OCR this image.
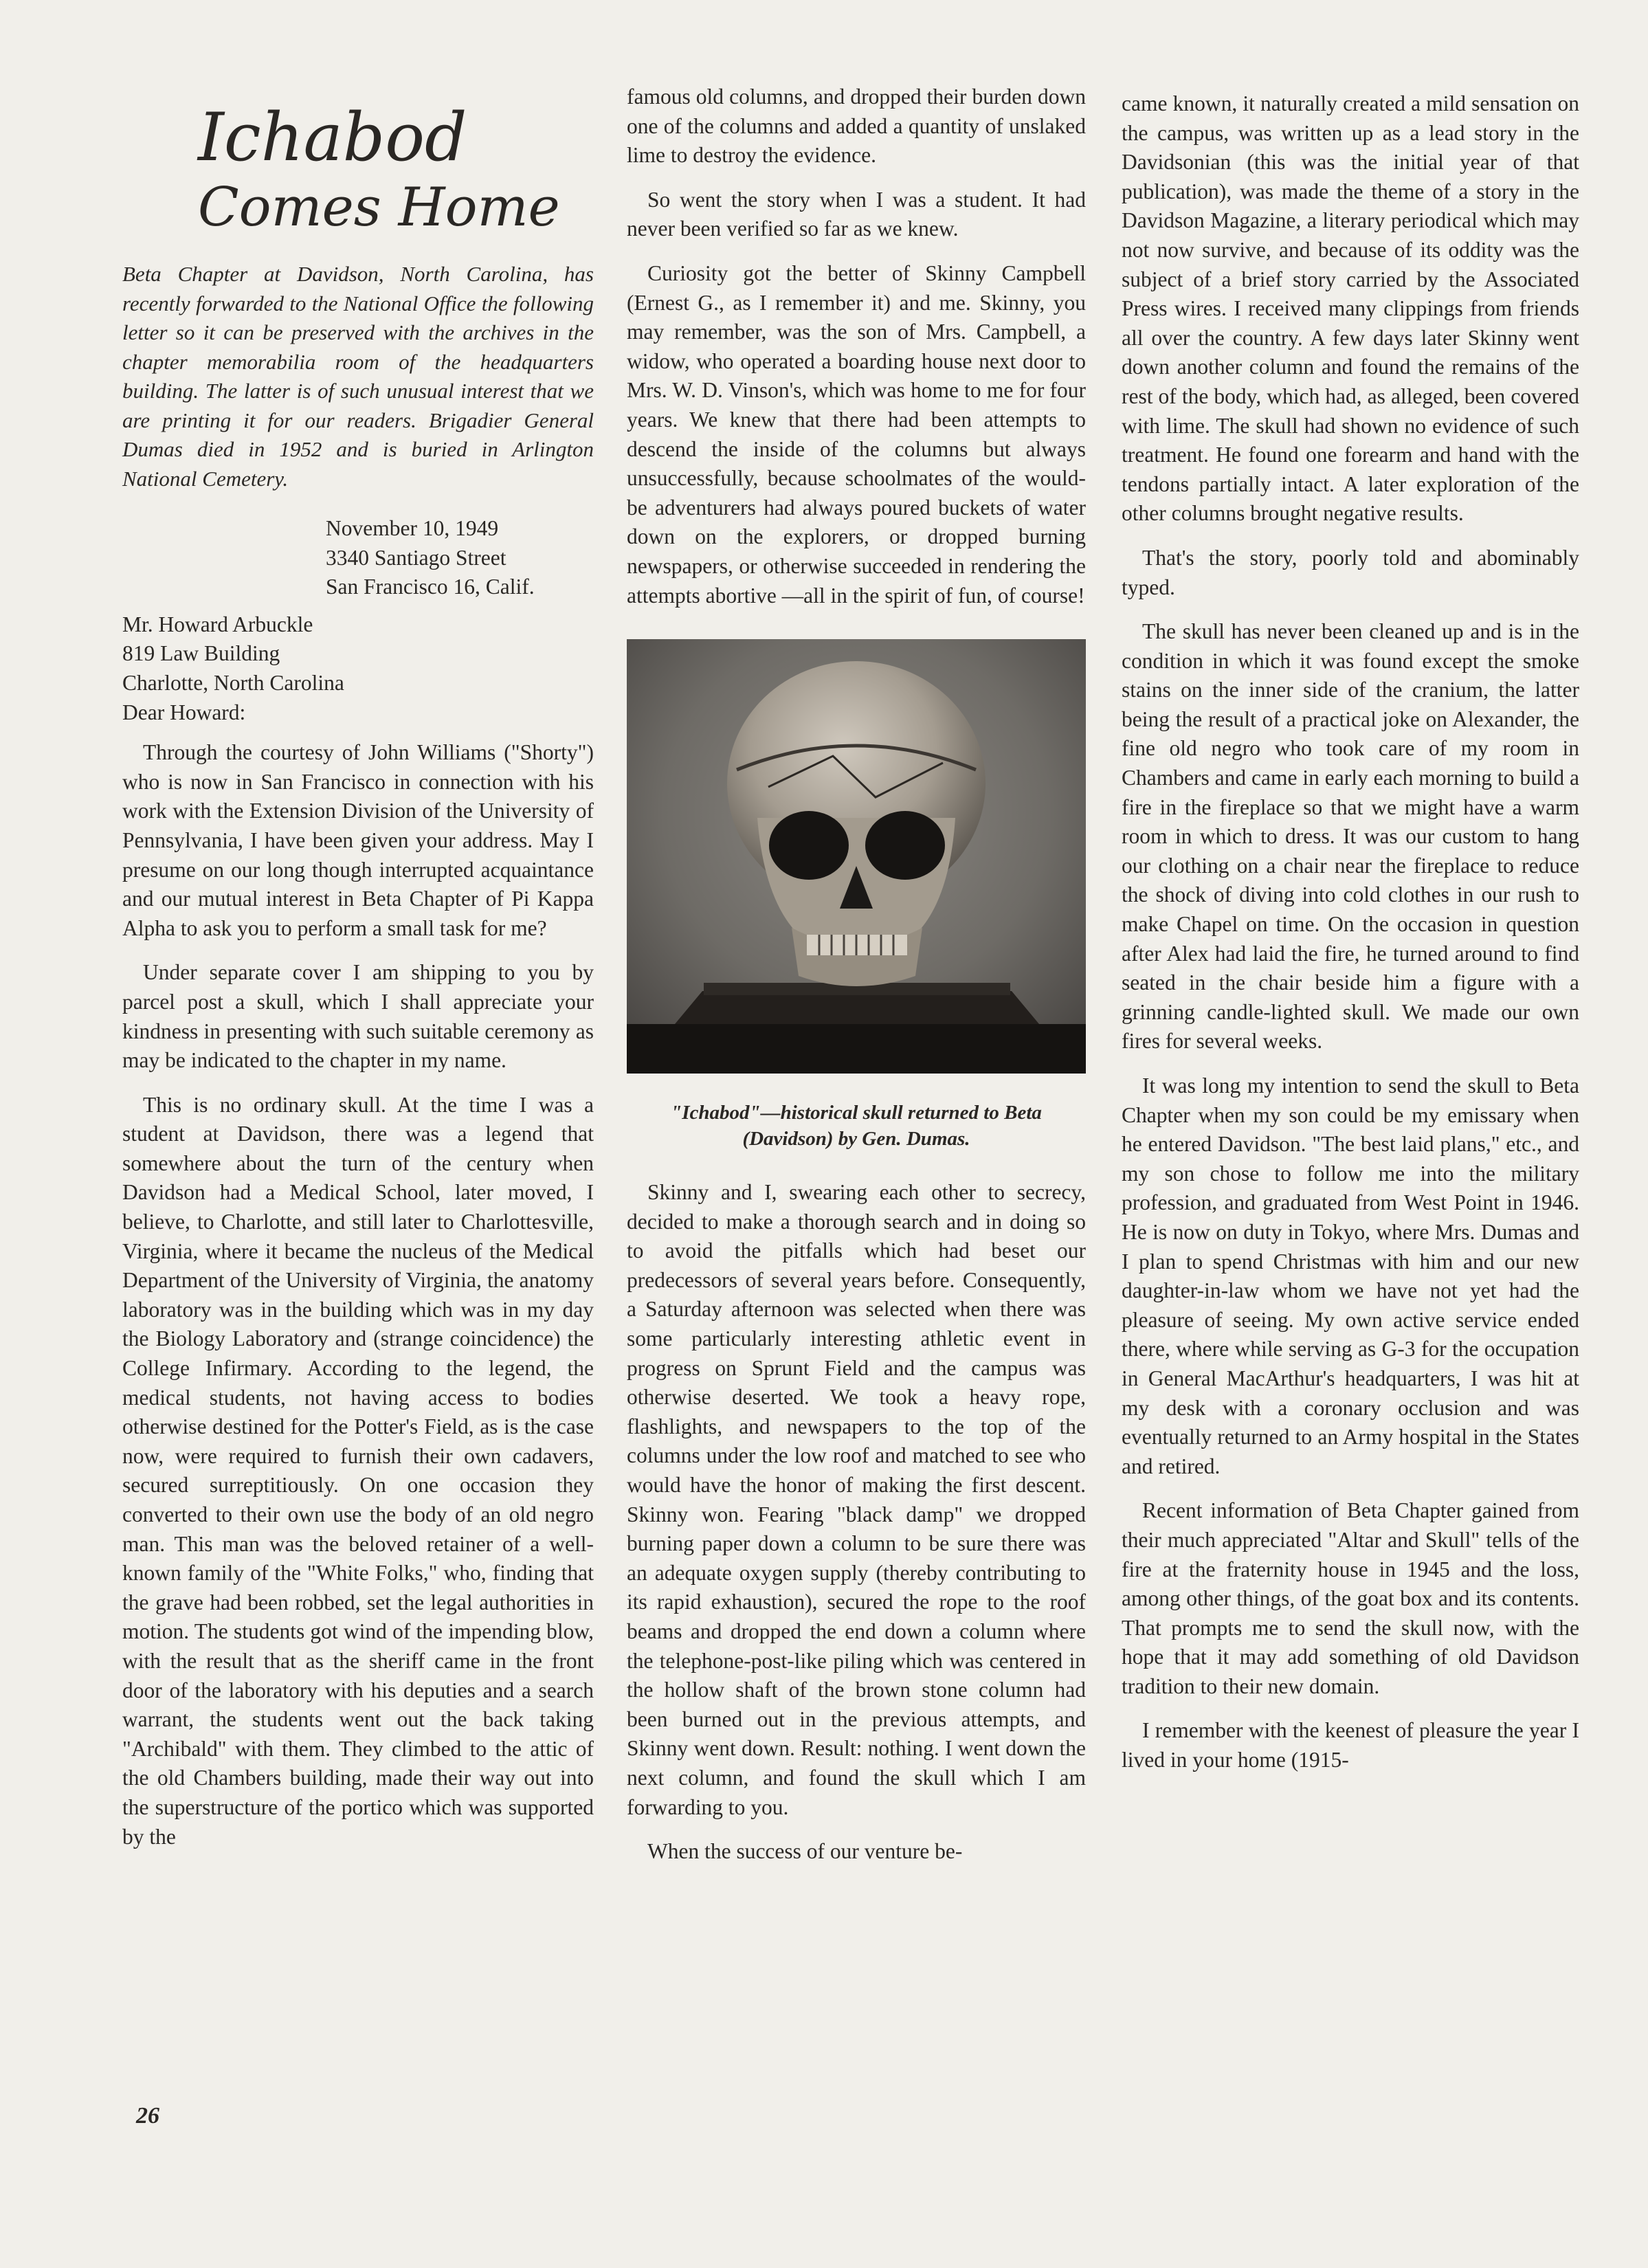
Ichabod
Comes Home
Beta Chapter at Davidson, North Carolina, has recently forwarded to the National Office the following letter so it can be preserved with the archives in the chapter memorabilia room of the headquarters building. The latter is of such unusual interest that we are printing it for our readers. Brigadier General Dumas died in 1952 and is buried in Arlington National Cemetery.
November 10, 1949
3340 Santiago Street
San Francisco 16, Calif.
Mr. Howard Arbuckle
819 Law Building
Charlotte, North Carolina
Dear Howard:

Through the courtesy of John Williams ("Shorty") who is now in San Francisco in connection with his work with the Extension Division of the University of Pennsylvania, I have been given your address. May I presume on our long though interrupted acquaintance and our mutual interest in Beta Chapter of Pi Kappa Alpha to ask you to perform a small task for me?

Under separate cover I am shipping to you by parcel post a skull, which I shall appreciate your kindness in presenting with such suitable ceremony as may be indicated to the chapter in my name.

This is no ordinary skull. At the time I was a student at Davidson, there was a legend that somewhere about the turn of the century when Davidson had a Medical School, later moved, I believe, to Charlotte, and still later to Charlottesville, Virginia, where it became the nucleus of the Medical Department of the University of Virginia, the anatomy laboratory was in the building which was in my day the Biology Laboratory and (strange coincidence) the College Infirmary. According to the legend, the medical students, not having access to bodies otherwise destined for the Potter's Field, as is the case now, were required to furnish their own cadavers, secured surreptitiously. On one occasion they converted to their own use the body of an old negro man. This man was the beloved retainer of a well-known family of the "White Folks," who, finding that the grave had been robbed, set the legal authorities in motion. The students got wind of the impending blow, with the result that as the sheriff came in the front door of the laboratory with his deputies and a search warrant, the students went out the back taking "Archibald" with them. They climbed to the attic of the old Chambers building, made their way out into the superstructure of the portico which was supported by the

famous old columns, and dropped their burden down one of the columns and added a quantity of unslaked lime to destroy the evidence.

So went the story when I was a student. It had never been verified so far as we knew.

Curiosity got the better of Skinny Campbell (Ernest G., as I remember it) and me. Skinny, you may remember, was the son of Mrs. Campbell, a widow, who operated a boarding house next door to Mrs. W. D. Vinson's, which was home to me for four years. We knew that there had been attempts to descend the inside of the columns but always unsuccessfully, because schoolmates of the would-be adventurers had always poured buckets of water down on the explorers, or dropped burning newspapers, or otherwise succeeded in rendering the attempts abortive —all in the spirit of fun, of course!

"Ichabod"—historical skull returned to Beta (Davidson) by Gen. Dumas.

Skinny and I, swearing each other to secrecy, decided to make a thorough search and in doing so to avoid the pitfalls which had beset our predecessors of several years before. Consequently, a Saturday afternoon was selected when there was some particularly interesting athletic event in progress on Sprunt Field and the campus was otherwise deserted. We took a heavy rope, flashlights, and newspapers to the top of the columns under the low roof and matched to see who would have the honor of making the first descent. Skinny won. Fearing "black damp" we dropped burning paper down a column to be sure there was an adequate oxygen supply (thereby contributing to its rapid exhaustion), secured the rope to the roof beams and dropped the end down a column where the telephone-post-like piling which was centered in the hollow shaft of the brown stone column had been burned out in the previous attempts, and Skinny went down. Result: nothing. I went down the next column, and found the skull which I am forwarding to you.

When the success of our venture be-

came known, it naturally created a mild sensation on the campus, was written up as a lead story in the Davidsonian (this was the initial year of that publication), was made the theme of a story in the Davidson Magazine, a literary periodical which may not now survive, and because of its oddity was the subject of a brief story carried by the Associated Press wires. I received many clippings from friends all over the country. A few days later Skinny went down another column and found the remains of the rest of the body, which had, as alleged, been covered with lime. The skull had shown no evidence of such treatment. He found one forearm and hand with the tendons partially intact. A later exploration of the other columns brought negative results.

That's the story, poorly told and abominably typed.

The skull has never been cleaned up and is in the condition in which it was found except the smoke stains on the inner side of the cranium, the latter being the result of a practical joke on Alexander, the fine old negro who took care of my room in Chambers and came in early each morning to build a fire in the fireplace so that we might have a warm room in which to dress. It was our custom to hang our clothing on a chair near the fireplace to reduce the shock of diving into cold clothes in our rush to make Chapel on time. On the occasion in question after Alex had laid the fire, he turned around to find seated in the chair beside him a figure with a grinning candle-lighted skull. We made our own fires for several weeks.

It was long my intention to send the skull to Beta Chapter when my son could be my emissary when he entered Davidson. "The best laid plans," etc., and my son chose to follow me into the military profession, and graduated from West Point in 1946. He is now on duty in Tokyo, where Mrs. Dumas and I plan to spend Christmas with him and our new daughter-in-law whom we have not yet had the pleasure of seeing. My own active service ended there, where while serving as G-3 for the occupation in General MacArthur's headquarters, I was hit at my desk with a coronary occlusion and was eventually returned to an Army hospital in the States and retired.

Recent information of Beta Chapter gained from their much appreciated "Altar and Skull" tells of the fire at the fraternity house in 1945 and the loss, among other things, of the goat box and its contents. That prompts me to send the skull now, with the hope that it may add something of old Davidson tradition to their new domain.

I remember with the keenest of pleasure the year I lived in your home (1915-

26
